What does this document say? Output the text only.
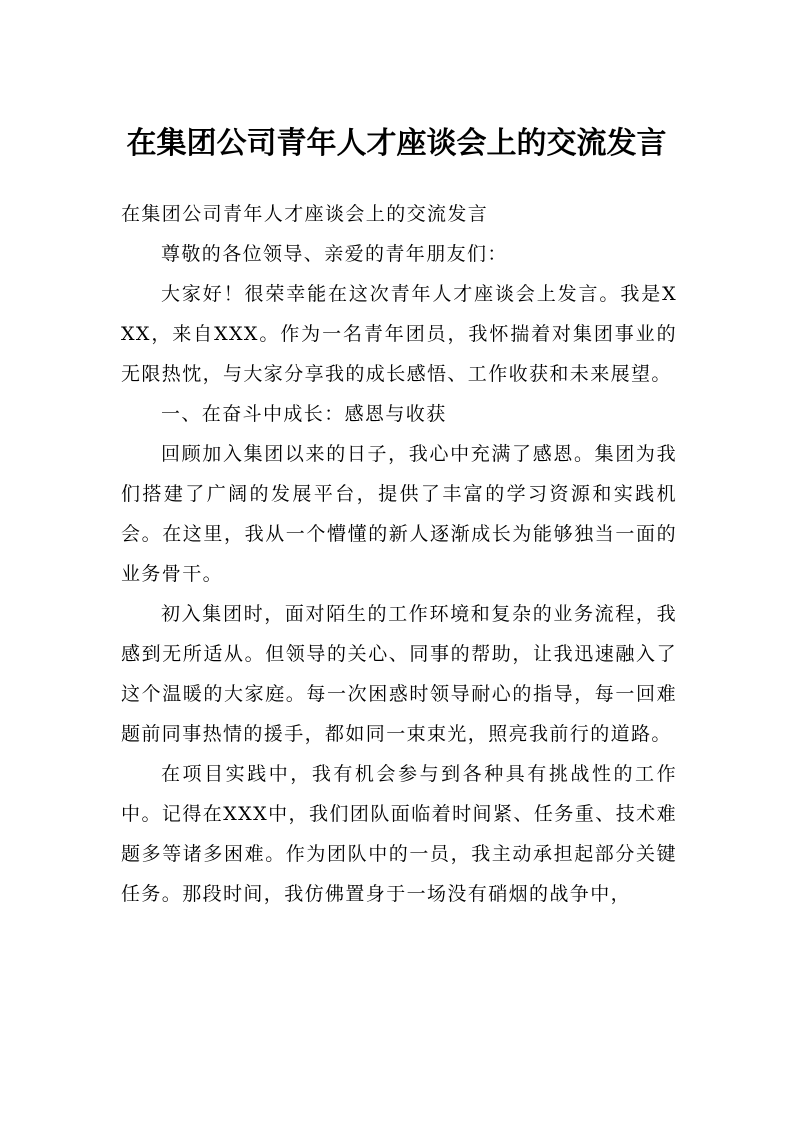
在集团公司青年人才座谈会上的交流发言

在集团公司青年人才座谈会上的交流发言

尊敬的各位领导、亲爱的青年朋友们：

大家好！很荣幸能在这次青年人才座谈会上发言。我是XXX，来自XXX。作为一名青年团员，我怀揣着对集团事业的无限热忱，与大家分享我的成长感悟、工作收获和未来展望。

一、在奋斗中成长：感恩与收获

回顾加入集团以来的日子，我心中充满了感恩。集团为我们搭建了广阔的发展平台，提供了丰富的学习资源和实践机会。在这里，我从一个懵懂的新人逐渐成长为能够独当一面的业务骨干。

初入集团时，面对陌生的工作环境和复杂的业务流程，我感到无所适从。但领导的关心、同事的帮助，让我迅速融入了这个温暖的大家庭。每一次困惑时领导耐心的指导，每一回难题前同事热情的援手，都如同一束束光，照亮我前行的道路。

在项目实践中，我有机会参与到各种具有挑战性的工作中。记得在XXX中，我们团队面临着时间紧、任务重、技术难题多等诸多困难。作为团队中的一员，我主动承担起部分关键任务。那段时间，我仿佛置身于一场没有硝烟的战争中，
